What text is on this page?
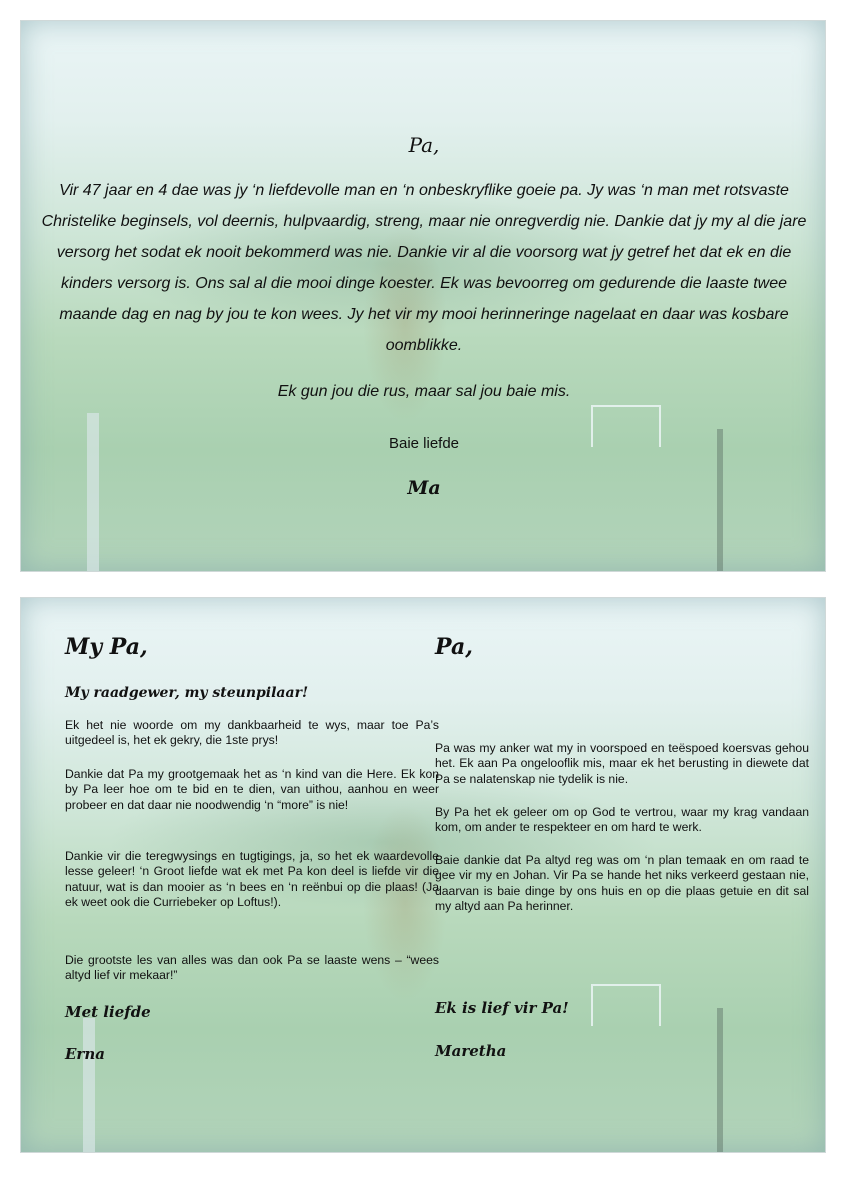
Pa,

Vir 47 jaar en 4 dae was jy ‘n liefdevolle man en ‘n onbeskryflike goeie pa. Jy was ‘n man met rotsvaste Christelike beginsels, vol deernis, hulpvaardig, streng, maar nie onregverdig nie. Dankie dat jy my al die jare versorg het sodat ek nooit bekommerd was nie. Dankie vir al die voorsorg wat jy getref het dat ek en die kinders versorg is. Ons sal al die mooi dinge koester. Ek was bevoorreg om gedurende die laaste twee maande dag en nag by jou te kon wees. Jy het vir my mooi herinneringe nagelaat en daar was kosbare oomblikke.

Ek gun jou die rus, maar sal jou baie mis.
Baie liefde
Ma
My Pa,
My raadgewer, my steunpilaar!

Ek het nie woorde om my dankbaarheid te wys, maar toe Pa’s uitgedeel is, het ek gekry, die 1ste prys!

Dankie dat Pa my grootgemaak het as ‘n kind van die Here. Ek kon by Pa leer hoe om te bid en te dien, van uithou, aanhou en weer probeer en dat daar nie noodwendig ‘n “more” is nie!

Dankie vir die teregwysings en tugtigings, ja, so het ek waardevolle lesse geleer! ‘n Groot liefde wat ek met Pa kon deel is liefde vir die natuur, wat is dan mooier as ‘n bees en ‘n reënbui op die plaas! (Ja ek weet ook die Curriebeker op Loftus!).

Die grootste les van alles was dan ook Pa se laaste wens – “wees altyd lief vir mekaar!”

Met liefde
Erna
Pa,

Pa was my anker wat my in voorspoed en teëspoed koersvas gehou het. Ek aan Pa ongelooflik mis, maar ek het berusting in diewete dat Pa se nalatenskap nie tydelik is nie.

By Pa het ek geleer om op God te vertrou, waar my krag vandaan kom, om ander te respekteer en om hard te werk.

Baie dankie dat Pa altyd reg was om ‘n plan temaak en om raad te gee vir my en Johan. Vir Pa se hande het niks verkeerd gestaan nie, daarvan is baie dinge by ons huis en op die plaas getuie en dit sal my altyd aan Pa herinner.

Ek is lief vir Pa!
Maretha
